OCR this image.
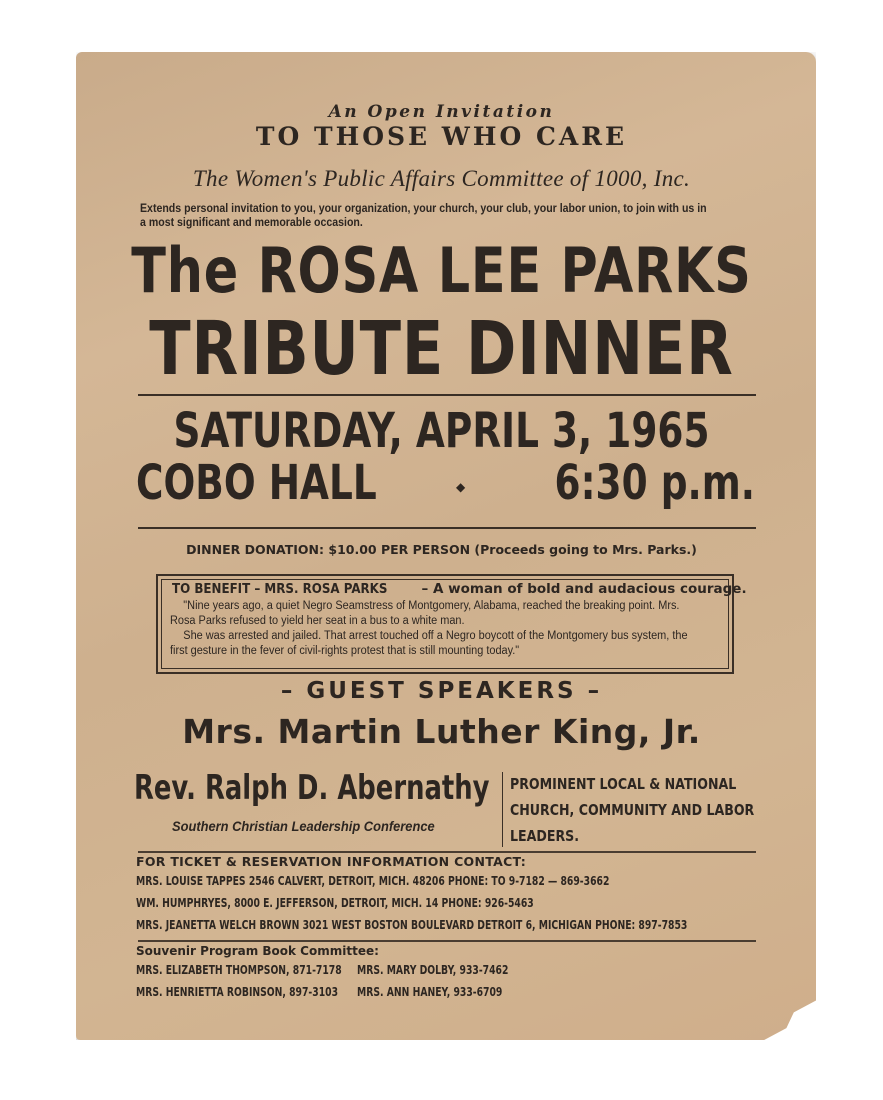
An Open Invitation
TO THOSE WHO CARE
The Women's Public Affairs Committee of 1000, Inc.
Extends personal invitation to you, your organization, your church, your club, your labor union, to join with us in a most significant and memorable occasion.
The ROSA LEE PARKS
TRIBUTE DINNER
SATURDAY, APRIL 3, 1965
COBO HALL	◆ 6:30 p.m.
DINNER DONATION: $10.00 PER PERSON (Proceeds going to Mrs. Parks.)
TO BENEFIT – MRS. ROSA PARKS – A woman of bold and audacious courage.

"Nine years ago, a quiet Negro Seamstress of Montgomery, Alabama, reached the breaking point. Mrs. Rosa Parks refused to yield her seat in a bus to a white man.

She was arrested and jailed. That arrest touched off a Negro boycott of the Montgomery bus system, the first gesture in the fever of civil-rights protest that is still mounting today."

– GUEST SPEAKERS –
Mrs. Martin Luther King, Jr.
Rev. Ralph D. Abernathy
Southern Christian Leadership Conference
PROMINENT LOCAL & NATIONAL
CHURCH, COMMUNITY AND LABOR
LEADERS.
FOR TICKET & RESERVATION INFORMATION CONTACT:
MRS. LOUISE TAPPES 2546 CALVERT, DETROIT, MICH. 48206 PHONE: TO 9-7182 — 869-3662
WM. HUMPHRYES, 8000 E. JEFFERSON, DETROIT, MICH. 14 PHONE: 926-5463
MRS. JEANETTA WELCH BROWN 3021 WEST BOSTON BOULEVARD DETROIT 6, MICHIGAN PHONE: 897-7853
Souvenir Program Book Committee:
MRS. ELIZABETH THOMPSON, 871-7178 MRS. MARY DOLBY, 933-7462
MRS. HENRIETTA ROBINSON, 897-3103 MRS. ANN HANEY, 933-6709
